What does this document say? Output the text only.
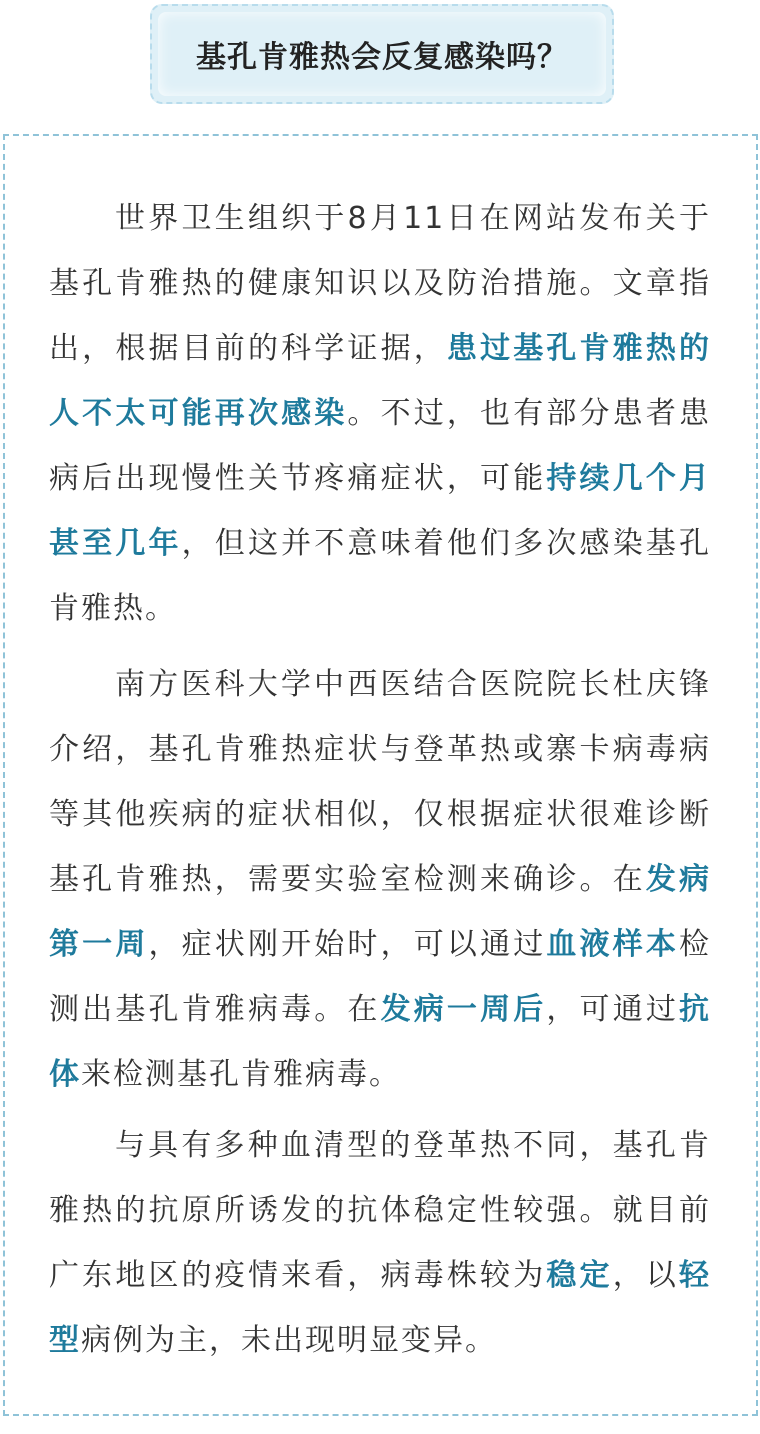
基孔肯雅热会反复感染吗？

世界卫生组织于8月11日在网站发布关于基孔肯雅热的健康知识以及防治措施。文章指出，根据目前的科学证据，患过基孔肯雅热的人不太可能再次感染。不过，也有部分患者患病后出现慢性关节疼痛症状，可能持续几个月甚至几年，但这并不意味着他们多次感染基孔肯雅热。

南方医科大学中西医结合医院院长杜庆锋介绍，基孔肯雅热症状与登革热或寨卡病毒病等其他疾病的症状相似，仅根据症状很难诊断基孔肯雅热，需要实验室检测来确诊。在发病第一周，症状刚开始时，可以通过血液样本检测出基孔肯雅病毒。在发病一周后，可通过抗体来检测基孔肯雅病毒。

与具有多种血清型的登革热不同，基孔肯雅热的抗原所诱发的抗体稳定性较强。就目前广东地区的疫情来看，病毒株较为稳定，以轻型病例为主，未出现明显变异。
